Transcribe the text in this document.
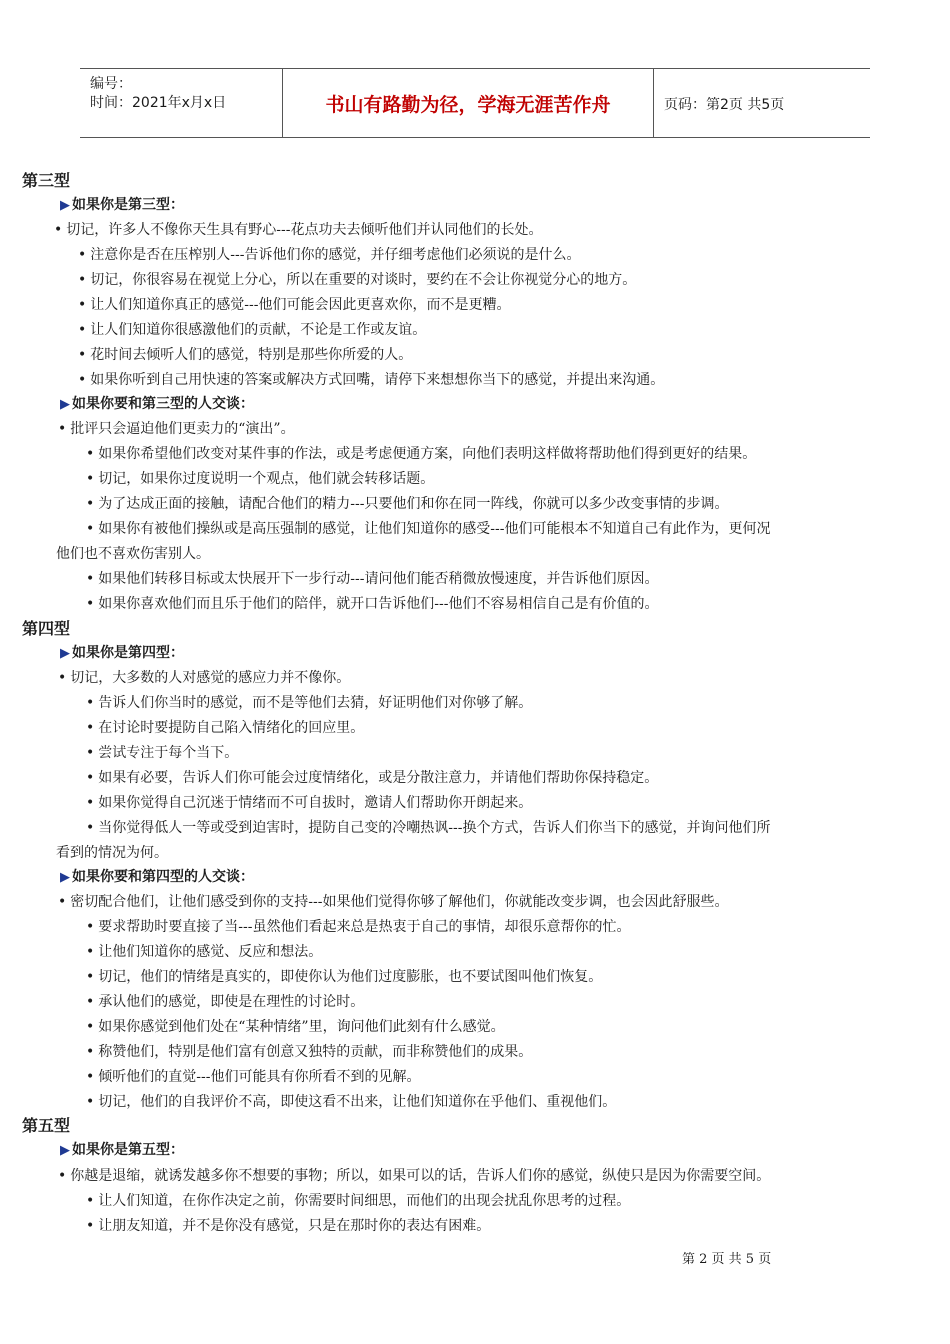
编号：
时间：2021年x月x日	书山有路勤为径，学海无涯苦作舟	页码：第2页 共5页
第三型
▶ 如果你是第三型：
• 切记，许多人不像你天生具有野心---花点功夫去倾听他们并认同他们的长处。
• 注意你是否在压榨别人---告诉他们你的感觉，并仔细考虑他们必须说的是什么。
• 切记，你很容易在视觉上分心，所以在重要的对谈时，要约在不会让你视觉分心的地方。
• 让人们知道你真正的感觉---他们可能会因此更喜欢你，而不是更糟。
• 让人们知道你很感激他们的贡献，不论是工作或友谊。
• 花时间去倾听人们的感觉，特别是那些你所爱的人。
• 如果你听到自己用快速的答案或解决方式回嘴，请停下来想想你当下的感觉，并提出来沟通。
▶ 如果你要和第三型的人交谈：
• 批评只会逼迫他们更卖力的“演出”。
• 如果你希望他们改变对某件事的作法，或是考虑便通方案，向他们表明这样做将帮助他们得到更好的结果。
• 切记，如果你过度说明一个观点，他们就会转移话题。
• 为了达成正面的接触，请配合他们的精力---只要他们和你在同一阵线，你就可以多少改变事情的步调。
• 如果你有被他们操纵或是高压强制的感觉，让他们知道你的感受---他们可能根本不知道自己有此作为，更何况
他们也不喜欢伤害别人。
• 如果他们转移目标或太快展开下一步行动---请问他们能否稍微放慢速度，并告诉他们原因。
• 如果你喜欢他们而且乐于他们的陪伴，就开口告诉他们---他们不容易相信自己是有价值的。
第四型
▶ 如果你是第四型：
• 切记，大多数的人对感觉的感应力并不像你。
• 告诉人们你当时的感觉，而不是等他们去猜，好证明他们对你够了解。
• 在讨论时要提防自己陷入情绪化的回应里。
• 尝试专注于每个当下。
• 如果有必要，告诉人们你可能会过度情绪化，或是分散注意力，并请他们帮助你保持稳定。
• 如果你觉得自己沉迷于情绪而不可自拔时，邀请人们帮助你开朗起来。
• 当你觉得低人一等或受到迫害时，提防自己变的冷嘲热讽---换个方式，告诉人们你当下的感觉，并询问他们所
看到的情况为何。
▶ 如果你要和第四型的人交谈：
• 密切配合他们，让他们感受到你的支持---如果他们觉得你够了解他们，你就能改变步调，也会因此舒服些。
• 要求帮助时要直接了当---虽然他们看起来总是热衷于自己的事情，却很乐意帮你的忙。
• 让他们知道你的感觉、反应和想法。
• 切记，他们的情绪是真实的，即使你认为他们过度膨胀，也不要试图叫他们恢复。
• 承认他们的感觉，即使是在理性的讨论时。
• 如果你感觉到他们处在“某种情绪”里，询问他们此刻有什么感觉。
• 称赞他们，特别是他们富有创意又独特的贡献，而非称赞他们的成果。
• 倾听他们的直觉---他们可能具有你所看不到的见解。
• 切记，他们的自我评价不高，即使这看不出来，让他们知道你在乎他们、重视他们。
第五型
▶ 如果你是第五型：
• 你越是退缩，就诱发越多你不想要的事物；所以，如果可以的话，告诉人们你的感觉，纵使只是因为你需要空间。
• 让人们知道，在你作决定之前，你需要时间细思，而他们的出现会扰乱你思考的过程。
• 让朋友知道，并不是你没有感觉，只是在那时你的表达有困难。
第 2 页 共 5 页
